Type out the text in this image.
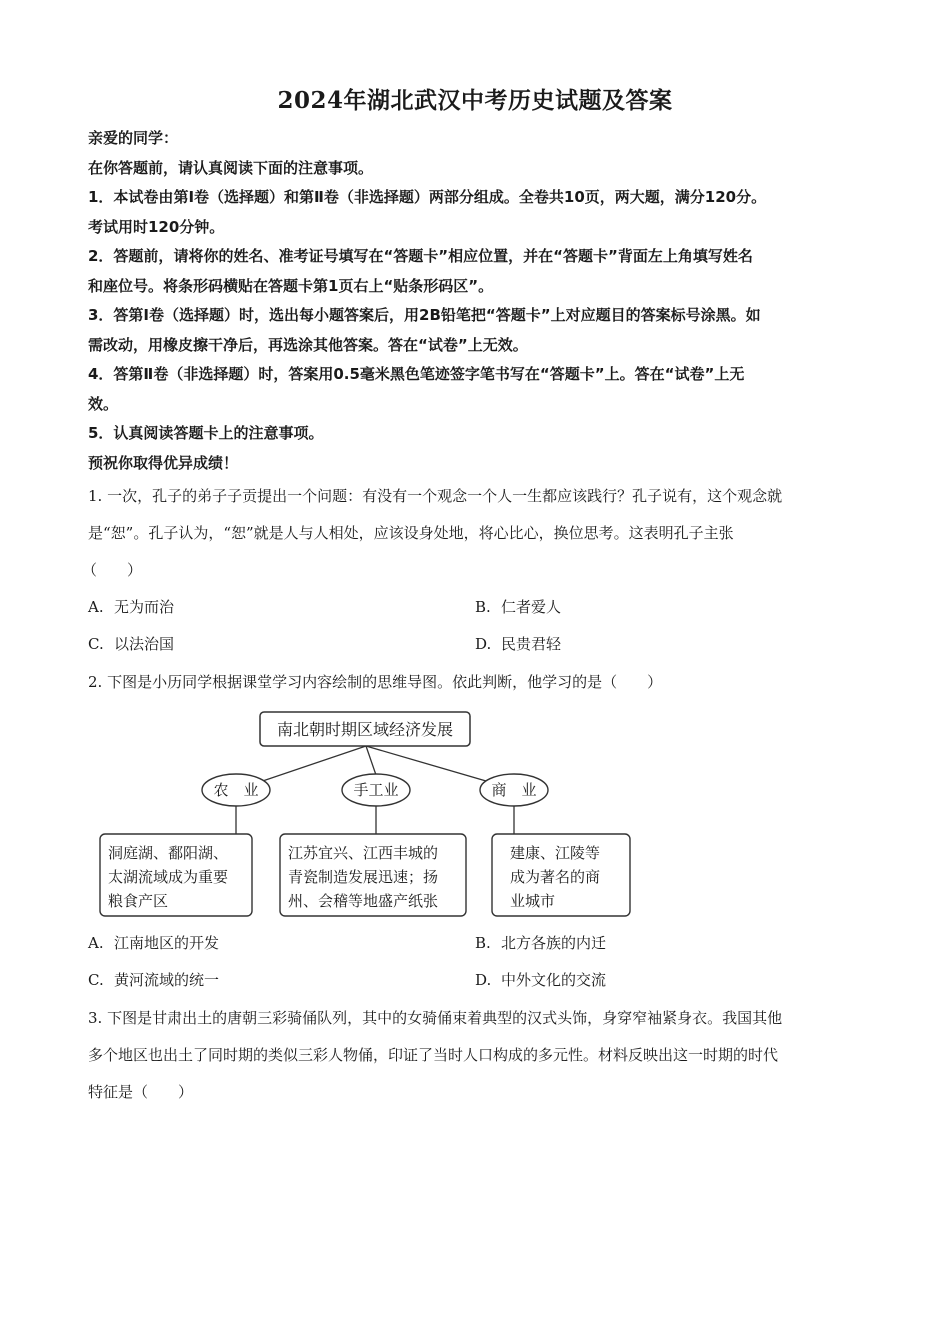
2024年湖北武汉中考历史试题及答案

亲爱的同学：

在你答题前，请认真阅读下面的注意事项。

1．本试卷由第Ⅰ卷（选择题）和第Ⅱ卷（非选择题）两部分组成。全卷共10页，两大题，满分120分。

考试用时120分钟。

2．答题前，请将你的姓名、准考证号填写在“答题卡”相应位置，并在“答题卡”背面左上角填写姓名

和座位号。将条形码横贴在答题卡第1页右上“贴条形码区”。

3．答第Ⅰ卷（选择题）时，选出每小题答案后，用2B铅笔把“答题卡”上对应题目的答案标号涂黑。如

需改动，用橡皮擦干净后，再选涂其他答案。答在“试卷”上无效。

4．答第Ⅱ卷（非选择题）时，答案用0.5毫米黑色笔迹签字笔书写在“答题卡”上。答在“试卷”上无

效。

5．认真阅读答题卡上的注意事项。

预祝你取得优异成绩！

1. 一次，孔子的弟子子贡提出一个问题：有没有一个观念一个人一生都应该践行？孔子说有，这个观念就

是“恕”。孔子认为，“恕”就是人与人相处，应该设身处地，将心比心，换位思考。这表明孔子主张

（　　）

A. 无为而治	B. 仁者爱人
C. 以法治国	D. 民贵君轻

2. 下图是小历同学根据课堂学习内容绘制的思维导图。依此判断，他学习的是（　　）

南北朝时期区域经济发展
农　业	手工业	商　业
洞庭湖、鄱阳湖、
太湖流域成为重要
粮食产区
江苏宜兴、江西丰城的
青瓷制造发展迅速；扬
州、会稽等地盛产纸张
建康、江陵等
成为著名的商
业城市
A. 江南地区的开发	B. 北方各族的内迁
C. 黄河流域的统一	D. 中外文化的交流

3. 下图是甘肃出土的唐朝三彩骑俑队列，其中的女骑俑束着典型的汉式头饰，身穿窄袖紧身衣。我国其他

多个地区也出土了同时期的类似三彩人物俑，印证了当时人口构成的多元性。材料反映出这一时期的时代

特征是（　　）
